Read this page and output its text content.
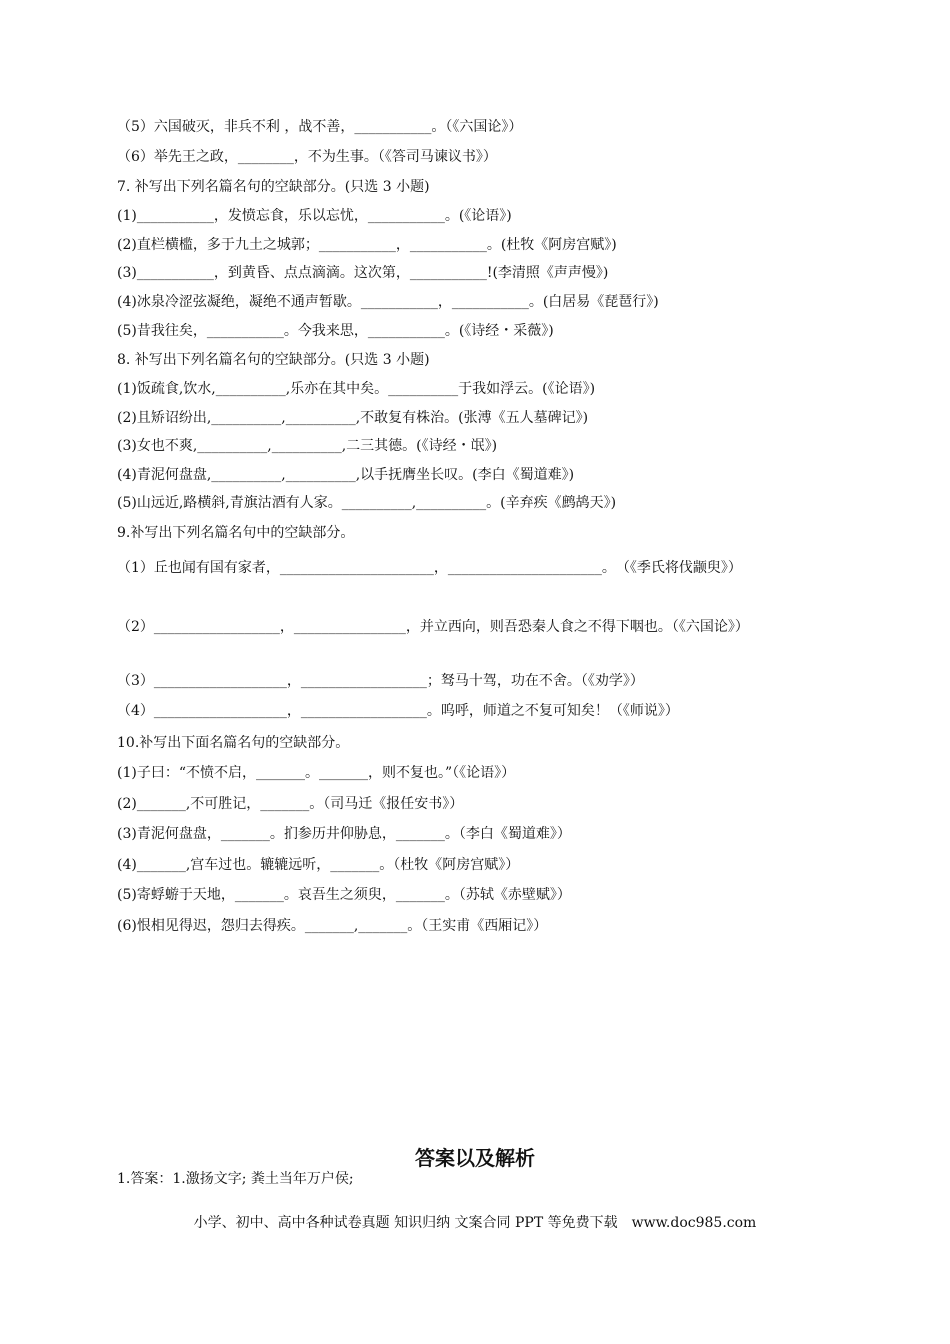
（5）六国破灭，非兵不利 ，战不善，___________。（《六国论》）
（6）举先王之政，________，不为生事。（《答司马谏议书》）
7. 补写出下列名篇名句的空缺部分。(只选 3 小题)
(1)___________，发愤忘食，乐以忘忧，___________。(《论语》)
(2)直栏横槛，多于九土之城郭；___________，___________。(杜牧《阿房宫赋》)
(3)___________，到黄昏、点点滴滴。这次第，___________!(李清照《声声慢》)
(4)冰泉冷涩弦凝绝，凝绝不通声暂歇。___________，___________。(白居易《琵琶行》)
(5)昔我往矣，___________。今我来思，___________。(《诗经・采薇》)
8. 补写出下列名篇名句的空缺部分。(只选 3 小题)
(1)饭疏食,饮水,__________,乐亦在其中矣。__________于我如浮云。(《论语》)
(2)且矫诏纷出,__________,__________,不敢复有株治。(张溥《五人墓碑记》)
(3)女也不爽,__________,__________,二三其德。(《诗经・氓》)
(4)青泥何盘盘,__________,__________,以手抚膺坐长叹。(李白《蜀道难》)
(5)山远近,路横斜,青旗沽酒有人家。__________,__________。(辛弃疾《鹧鸪天》)
9.补写出下列名篇名句中的空缺部分。
（1）丘也闻有国有家者，______________________，______________________。　（《季氏将伐颛臾》）
（2）__________________，________________，并立西向，则吾恐秦人食之不得下咽也。（《六国论》）
（3）___________________，__________________；驽马十驾，功在不舍。（《劝学》）
（4）___________________，__________________。呜呼，师道之不复可知矣！（《师说》）
10.补写出下面名篇名句的空缺部分。
(1)子曰：“不愤不启，_______。_______，则不复也。”（《论语》）
(2)_______,不可胜记，_______。（司马迁《报任安书》）
(3)青泥何盘盘，_______。扪参历井仰胁息，_______。（李白《蜀道难》）
(4)_______,宫车过也。辘辘远听，_______。（杜牧《阿房宫赋》）
(5)寄蜉蝣于天地，_______。哀吾生之须臾，_______。（苏轼《赤壁赋》）
(6)恨相见得迟，怨归去得疾。_______,_______。（王实甫《西厢记》）
答案以及解析
1.答案：1.激扬文字; 粪土当年万户侯;
小学、初中、高中各种试卷真题 知识归纳 文案合同 PPT 等免费下载　www.doc985.com
